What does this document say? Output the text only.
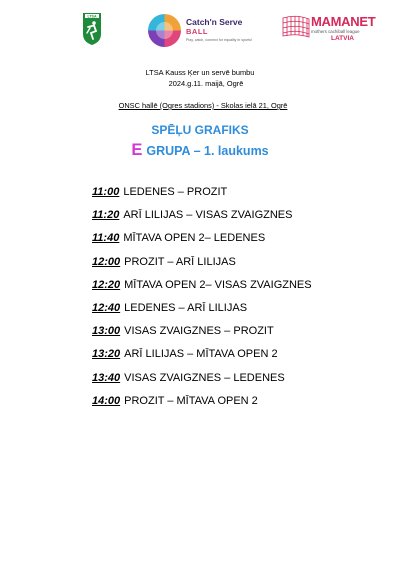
LTSA
Catch'n Serve
BALL
Play, catch, connect for equality in sports!
MAMANET
mothers cachiball league
LATVIA
LTSA Kauss Ķer un servē bumbu
2024.g.11. maijā, Ogrē
ONSC hallē (Ogres stadions) - Skolas ielā 21, Ogrē
SPĒĻU GRAFIKS
E GRUPA – 1. laukums
11:00 LEDENES – PROZIT
11:20 ARĪ LILIJAS – VISAS ZVAIGZNES
11:40 MĪTAVA OPEN 2– LEDENES
12:00 PROZIT – ARĪ LILIJAS
12:20 MĪTAVA OPEN 2– VISAS ZVAIGZNES
12:40 LEDENES – ARĪ LILIJAS
13:00 VISAS ZVAIGZNES – PROZIT
13:20 ARĪ LILIJAS – MĪTAVA OPEN 2
13:40 VISAS ZVAIGZNES – LEDENES
14:00 PROZIT – MĪTAVA OPEN 2
